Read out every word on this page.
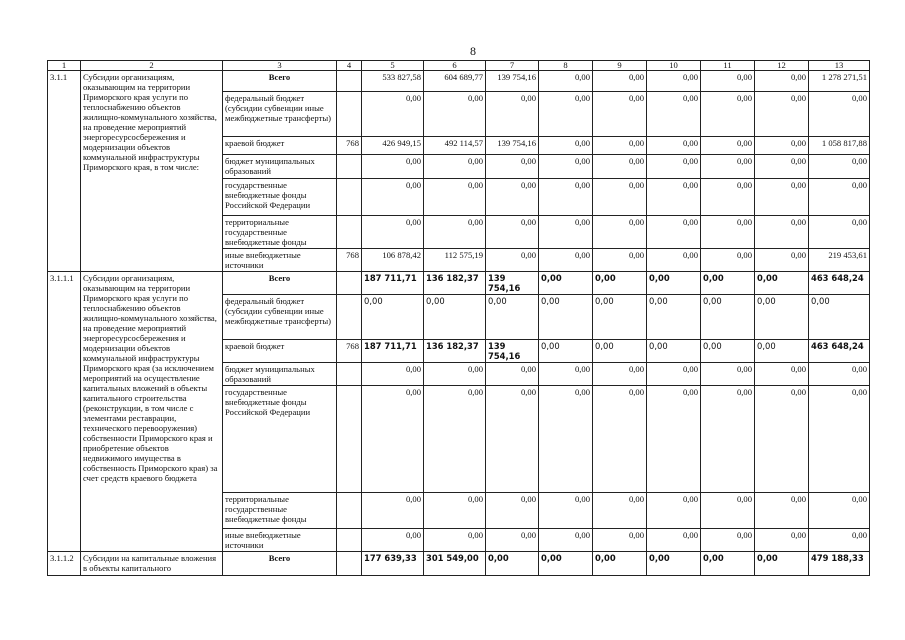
8
1	2	3	4	5	6	7	8	9	10	11	12	13
3.1.1	Субсидии организациям, оказывающим на территории Приморского края услуги по теплоснабжению объектов жилищно-коммунального хозяйства, на проведение мероприятий энергоресурсосбережения и модернизации объектов коммунальной инфраструктуры Приморского края, в том числе:	Всего		533 827,58	604 689,77	139 754,16	0,00	0,00	0,00	0,00	0,00	1 278 271,51
		федеральный бюджет (субсидии субвенции иные межбюджетные трансферты)		0,00	0,00	0,00	0,00	0,00	0,00	0,00	0,00	0,00
		краевой бюджет	768	426 949,15	492 114,57	139 754,16	0,00	0,00	0,00	0,00	0,00	1 058 817,88
		бюджет муниципальных образований		0,00	0,00	0,00	0,00	0,00	0,00	0,00	0,00	0,00
		государственные внебюджетные фонды Российской Федерации		0,00	0,00	0,00	0,00	0,00	0,00	0,00	0,00	0,00
		территориальные государственные внебюджетные фонды		0,00	0,00	0,00	0,00	0,00	0,00	0,00	0,00	0,00
		иные внебюджетные источники	768	106 878,42	112 575,19	0,00	0,00	0,00	0,00	0,00	0,00	219 453,61
3.1.1.1	Субсидии организациям, оказывающим на территории Приморского края услуги по теплоснабжению объектов жилищно-коммунального хозяйства, на проведение мероприятий энергоресурсосбережения и модернизации объектов коммунальной инфраструктуры Приморского края (за исключением мероприятий на осуществление капитальных вложений в объекты капитального строительства (реконструкции, в том числе с элементами реставрации, технического перевооружения) собственности Приморского края и приобретение объектов недвижимого имущества в собственность Приморского края) за счет средств краевого бюджета	Всего		187 711,71	136 182,37	139 754,16	0,00	0,00	0,00	0,00	0,00	463 648,24
		федеральный бюджет (субсидии субвенции иные межбюджетные трансферты)		0,00	0,00	0,00	0,00	0,00	0,00	0,00	0,00	0,00
		краевой бюджет	768	187 711,71	136 182,37	139 754,16	0,00	0,00	0,00	0,00	0,00	463 648,24
		бюджет муниципальных образований		0,00	0,00	0,00	0,00	0,00	0,00	0,00	0,00	0,00
		государственные внебюджетные фонды Российской Федерации		0,00	0,00	0,00	0,00	0,00	0,00	0,00	0,00	0,00
		территориальные государственные внебюджетные фонды		0,00	0,00	0,00	0,00	0,00	0,00	0,00	0,00	0,00
		иные внебюджетные источники		0,00	0,00	0,00	0,00	0,00	0,00	0,00	0,00	0,00
3.1.1.2	Субсидии на капитальные вложения в объекты капитального	Всего		177 639,33	301 549,00	0,00	0,00	0,00	0,00	0,00	0,00	479 188,33
